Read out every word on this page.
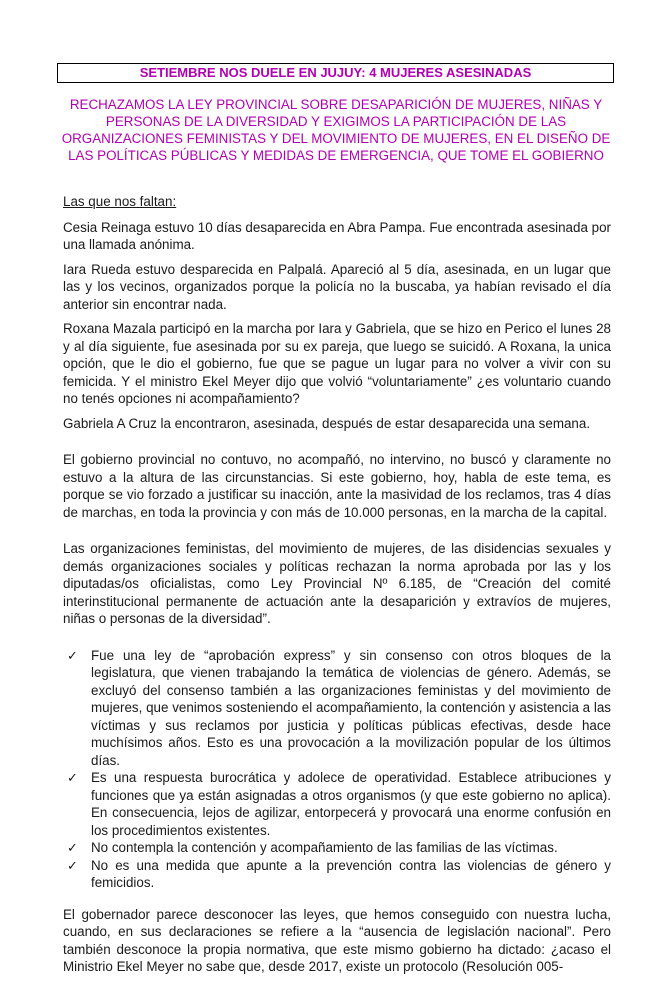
SETIEMBRE NOS DUELE EN JUJUY: 4 MUJERES ASESINADAS
RECHAZAMOS LA LEY PROVINCIAL SOBRE DESAPARICIÓN DE MUJERES, NIÑAS Y PERSONAS DE LA DIVERSIDAD Y EXIGIMOS LA PARTICIPACIÓN DE LAS ORGANIZACIONES FEMINISTAS Y DEL MOVIMIENTO DE MUJERES, EN EL DISEÑO DE LAS POLÍTICAS PÚBLICAS Y MEDIDAS DE EMERGENCIA, QUE TOME EL GOBIERNO

Las que nos faltan:

Cesia Reinaga estuvo 10 días desaparecida en Abra Pampa. Fue encontrada asesinada por una llamada anónima.

Iara Rueda estuvo desparecida en Palpalá. Apareció al 5 día, asesinada, en un lugar que las y los vecinos, organizados porque la policía no la buscaba, ya habían revisado el día anterior sin encontrar nada.

Roxana Mazala participó en la marcha por Iara y Gabriela, que se hizo en Perico el lunes 28 y al día siguiente, fue asesinada por su ex pareja, que luego se suicidó. A Roxana, la unica opción, que le dio el gobierno, fue que se pague un lugar para no volver a vivir con su femicida. Y el ministro Ekel Meyer dijo que volvió “voluntariamente” ¿es voluntario cuando no tenés opciones ni acompañamiento?

Gabriela A Cruz la encontraron, asesinada, después de estar desaparecida una semana.

El gobierno provincial no contuvo, no acompañó, no intervino, no buscó y claramente no estuvo a la altura de las circunstancias. Si este gobierno, hoy, habla de este tema, es porque se vio forzado a justificar su inacción, ante la masividad de los reclamos, tras 4 días de marchas, en toda la provincia y con más de 10.000 personas, en la marcha de la capital.

Las organizaciones feministas, del movimiento de mujeres, de las disidencias sexuales y demás organizaciones sociales y políticas rechazan la norma aprobada por las y los diputadas/os oficialistas, como Ley Provincial Nº 6.185, de “Creación del comité interinstitucional permanente de actuación ante la desaparición y extravíos de mujeres, niñas o personas de la diversidad”.

✓ Fue una ley de “aprobación express” y sin consenso con otros bloques de la legislatura, que vienen trabajando la temática de violencias de género. Además, se excluyó del consenso también a las organizaciones feministas y del movimiento de mujeres, que venimos sosteniendo el acompañamiento, la contención y asistencia a las víctimas y sus reclamos por justicia y políticas públicas efectivas, desde hace muchísimos años. Esto es una provocación a la movilización popular de los últimos días.
✓ Es una respuesta burocrática y adolece de operatividad. Establece atribuciones y funciones que ya están asignadas a otros organismos (y que este gobierno no aplica). En consecuencia, lejos de agilizar, entorpecerá y provocará una enorme confusión en los procedimientos existentes.
✓ No contempla la contención y acompañamiento de las familias de las víctimas.
✓ No es una medida que apunte a la prevención contra las violencias de género y femicidios.

El gobernador parece desconocer las leyes, que hemos conseguido con nuestra lucha, cuando, en sus declaraciones se refiere a la “ausencia de legislación nacional”. Pero también desconoce la propia normativa, que este mismo gobierno ha dictado: ¿acaso el Ministrio Ekel Meyer no sabe que, desde 2017, existe un protocolo (Resolución 005-
